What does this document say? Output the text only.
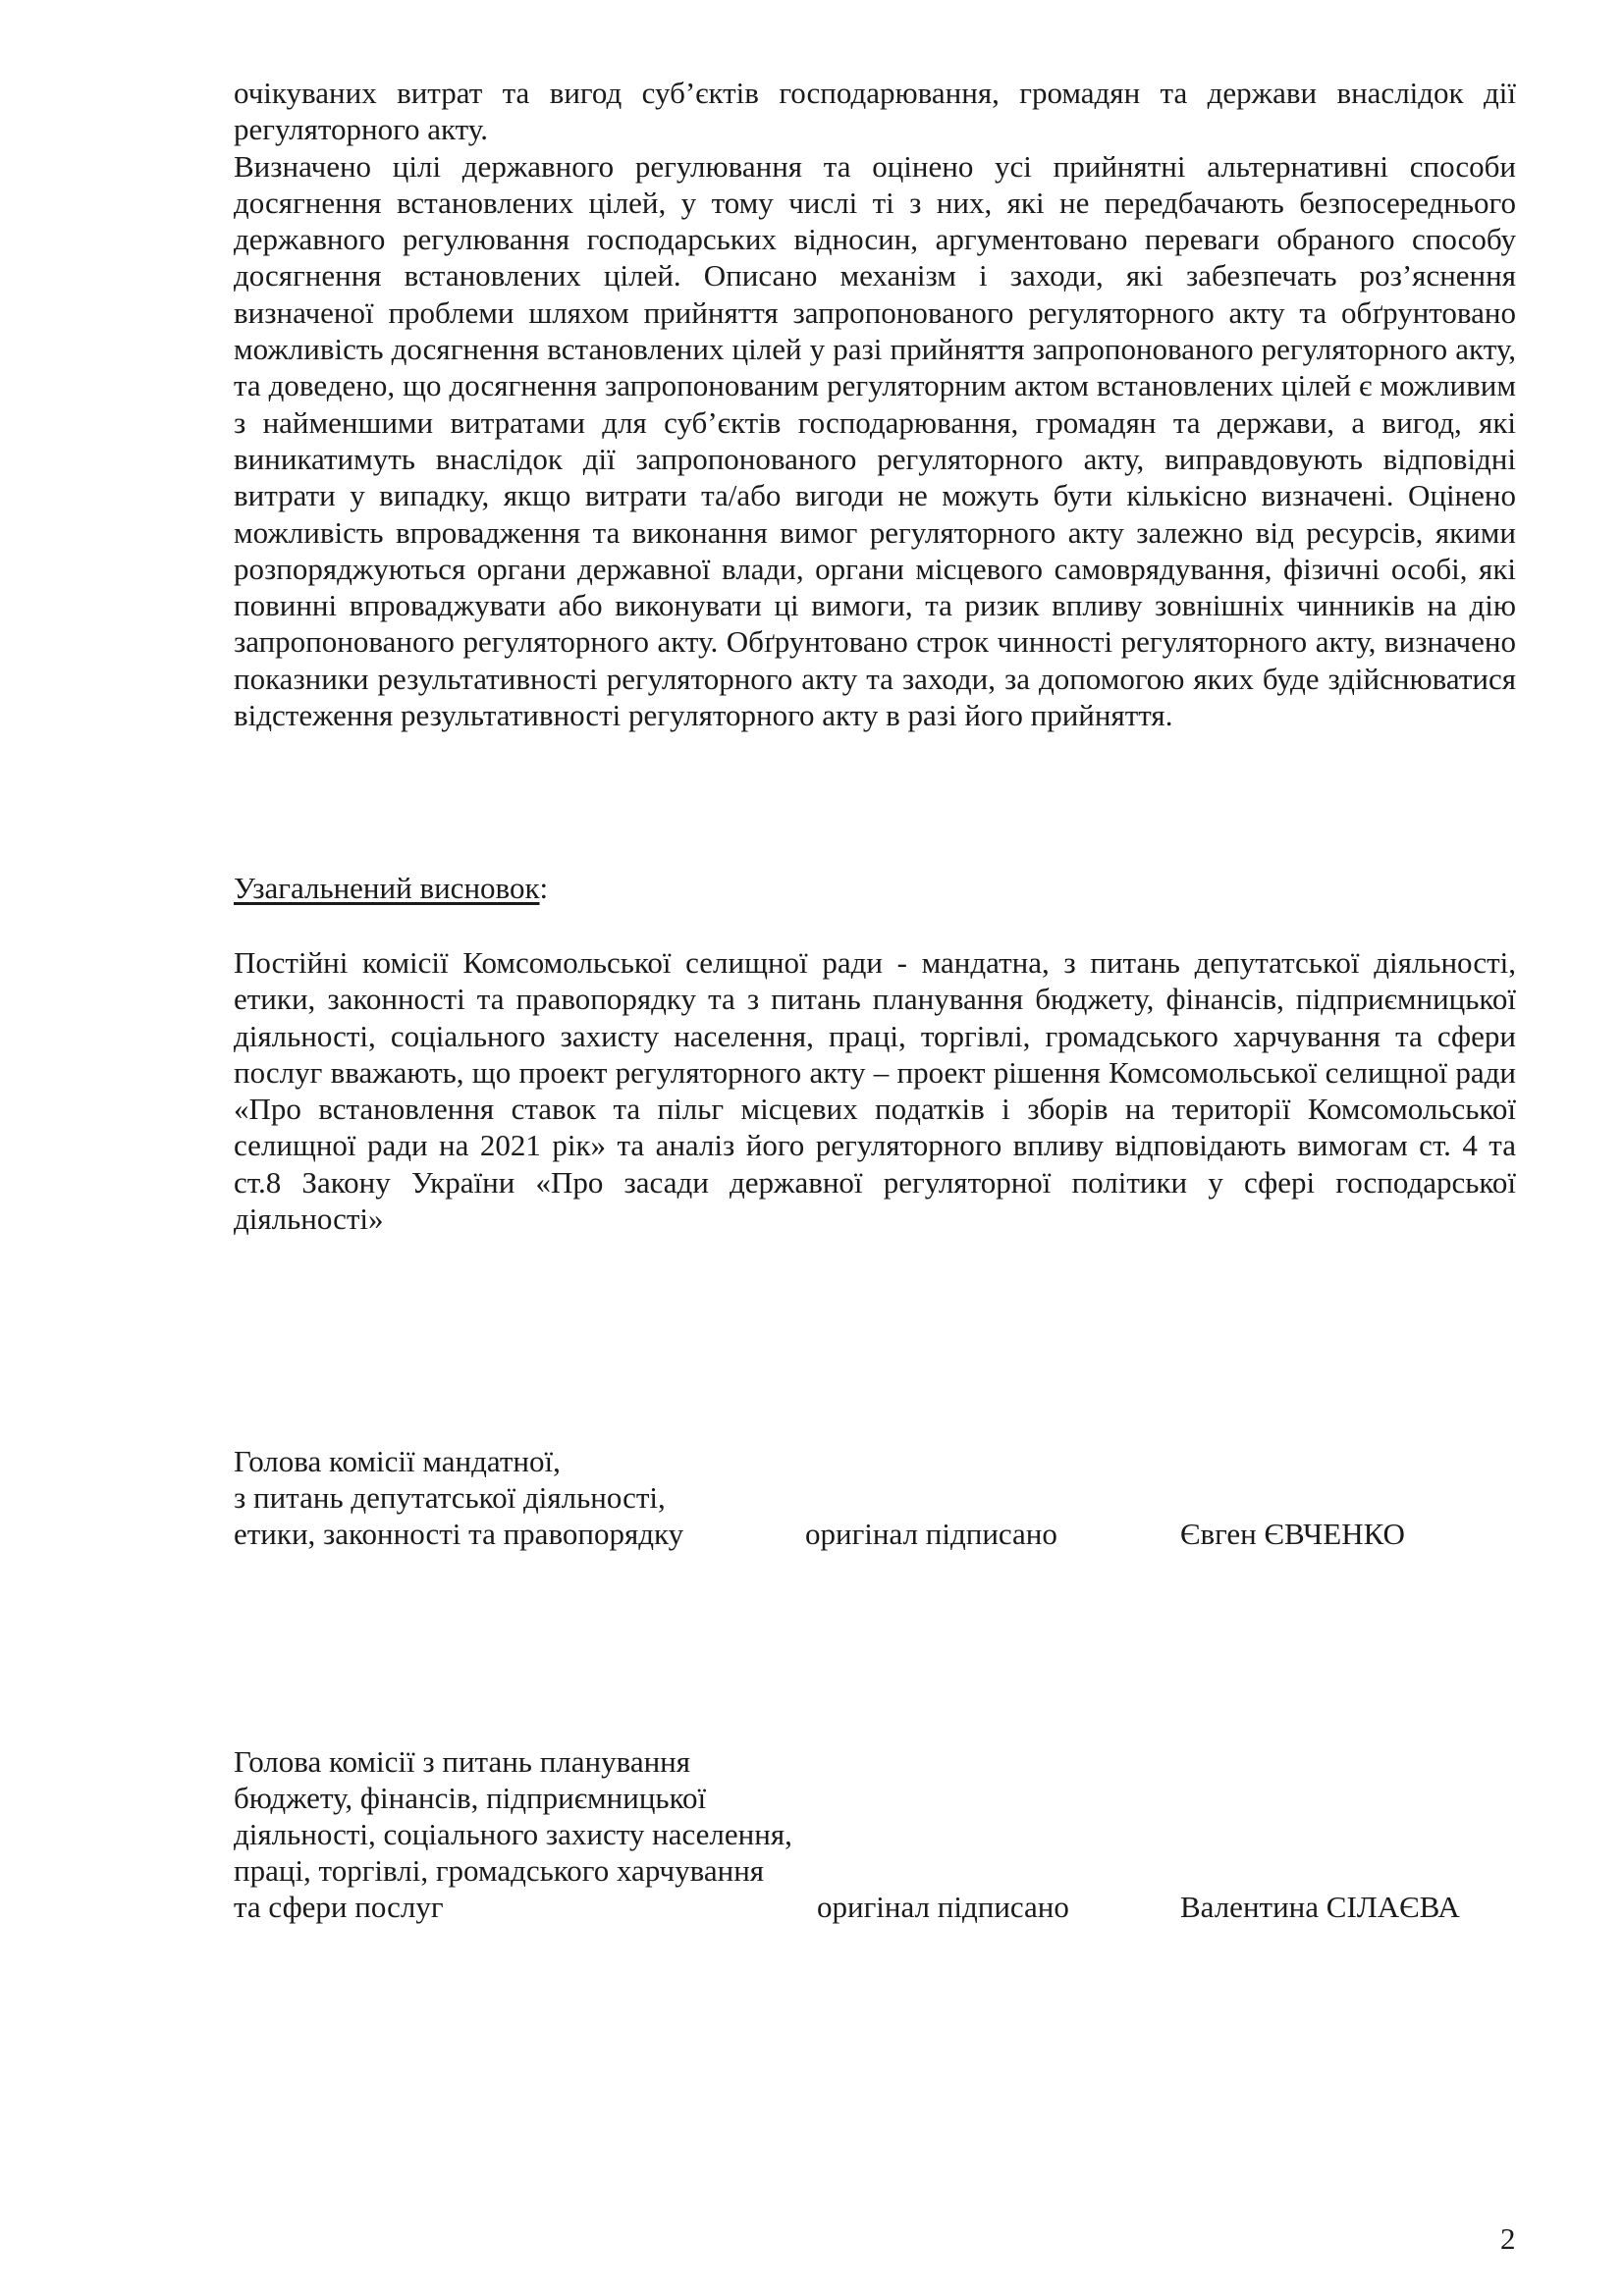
очікуваних витрат та вигод суб’єктів господарювання, громадян та держави внаслідок дії регуляторного акту.

Визначено цілі державного регулювання та оцінено усі прийнятні альтернативні способи досягнення встановлених цілей, у тому числі ті з них, які не передбачають безпосереднього державного регулювання господарських відносин, аргументовано переваги обраного способу досягнення встановлених цілей. Описано механізм і заходи, які забезпечать роз’яснення визначеної проблеми шляхом прийняття запропонованого регуляторного акту та обґрунтовано можливість досягнення встановлених цілей у разі прийняття запропонованого регуляторного акту, та доведено, що досягнення запропонованим регуляторним актом встановлених цілей є можливим з найменшими витратами для суб’єктів господарювання, громадян та держави, а вигод, які виникатимуть внаслідок дії запропонованого регуляторного акту, виправдовують відповідні витрати у випадку, якщо витрати та/або вигоди не можуть бути кількісно визначені. Оцінено можливість впровадження та виконання вимог регуляторного акту залежно від ресурсів, якими розпоряджуються органи державної влади, органи місцевого самоврядування, фізичні особі, які повинні впроваджувати або виконувати ці вимоги, та ризик впливу зовнішніх чинників на дію запропонованого регуляторного акту. Обґрунтовано строк чинності регуляторного акту, визначено показники результативності регуляторного акту та заходи, за допомогою яких буде здійснюватися відстеження результативності регуляторного акту в разі його прийняття.

Узагальнений висновок:

Постійні комісії Комсомольської селищної ради - мандатна, з питань депутатської діяльності, етики, законності та правопорядку та з питань планування бюджету, фінансів, підприємницької діяльності, соціального захисту населення, праці, торгівлі, громадського харчування та сфери послуг вважають, що проект регуляторного акту – проект рішення Комсомольської селищної ради «Про встановлення ставок та пільг місцевих податків і зборів на території Комсомольської селищної ради на 2021 рік» та аналіз його регуляторного впливу відповідають вимогам ст. 4 та ст.8 Закону України «Про засади державної регуляторної політики у сфері господарської діяльності»

Голова комісії мандатної,

з питань депутатської діяльності,

етики, законності та правопорядку	оригінал підписано	Євген ЄВЧЕНКО

Голова комісії з питань планування

бюджету, фінансів, підприємницької

діяльності, соціального захисту населення,

праці, торгівлі, громадського харчування

та сфери послуг	оригінал підписано	Валентина СІЛАЄВА

2
